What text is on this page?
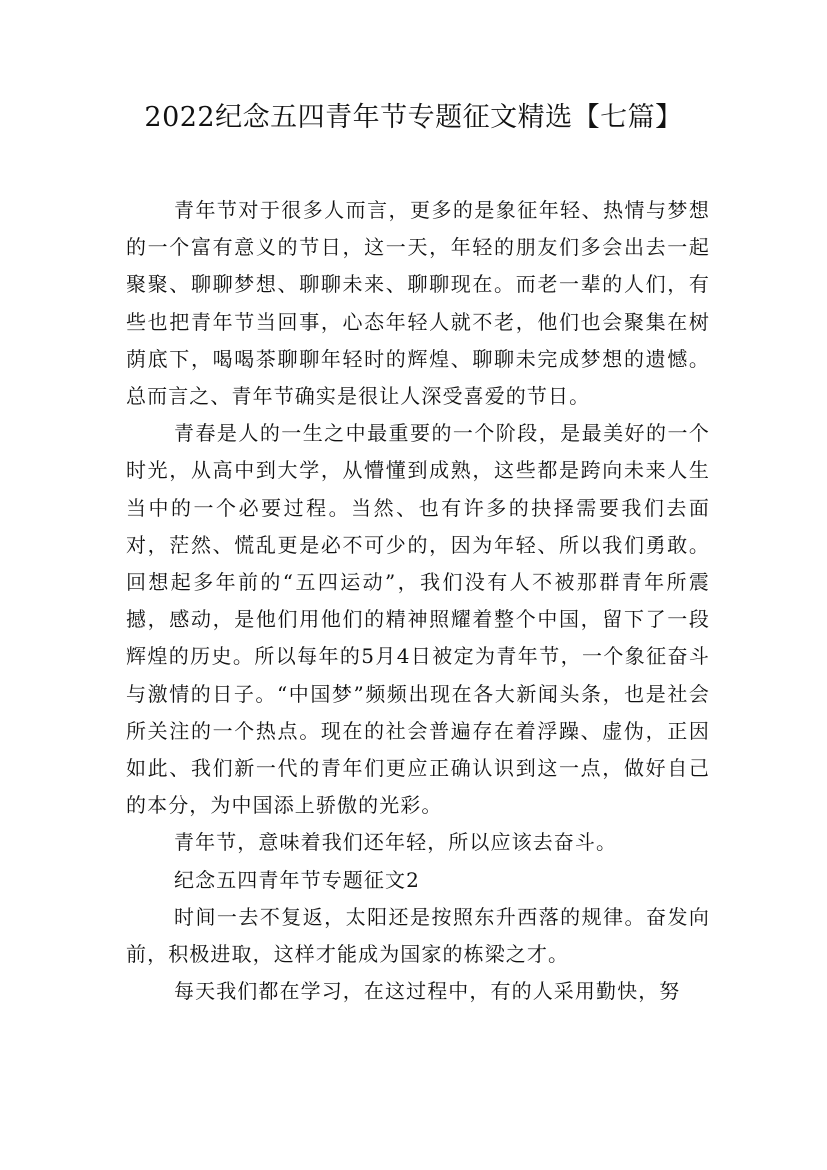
2022纪念五四青年节专题征文精选【七篇】

青年节对于很多人而言，更多的是象征年轻、热情与梦想的一个富有意义的节日，这一天，年轻的朋友们多会出去一起聚聚、聊聊梦想、聊聊未来、聊聊现在。而老一辈的人们，有些也把青年节当回事，心态年轻人就不老，他们也会聚集在树荫底下，喝喝茶聊聊年轻时的辉煌、聊聊未完成梦想的遗憾。总而言之、青年节确实是很让人深受喜爱的节日。

青春是人的一生之中最重要的一个阶段，是最美好的一个时光，从高中到大学，从懵懂到成熟，这些都是跨向未来人生当中的一个必要过程。当然、也有许多的抉择需要我们去面对，茫然、慌乱更是必不可少的，因为年轻、所以我们勇敢。回想起多年前的“五四运动”，我们没有人不被那群青年所震撼，感动，是他们用他们的精神照耀着整个中国，留下了一段辉煌的历史。所以每年的5月4日被定为青年节，一个象征奋斗与激情的日子。“中国梦”频频出现在各大新闻头条，也是社会所关注的一个热点。现在的社会普遍存在着浮躁、虚伪，正因如此、我们新一代的青年们更应正确认识到这一点，做好自己的本分，为中国添上骄傲的光彩。

青年节，意味着我们还年轻，所以应该去奋斗。

纪念五四青年节专题征文2

时间一去不复返，太阳还是按照东升西落的规律。奋发向前，积极进取，这样才能成为国家的栋梁之才。

每天我们都在学习，在这过程中，有的人采用勤快，努
